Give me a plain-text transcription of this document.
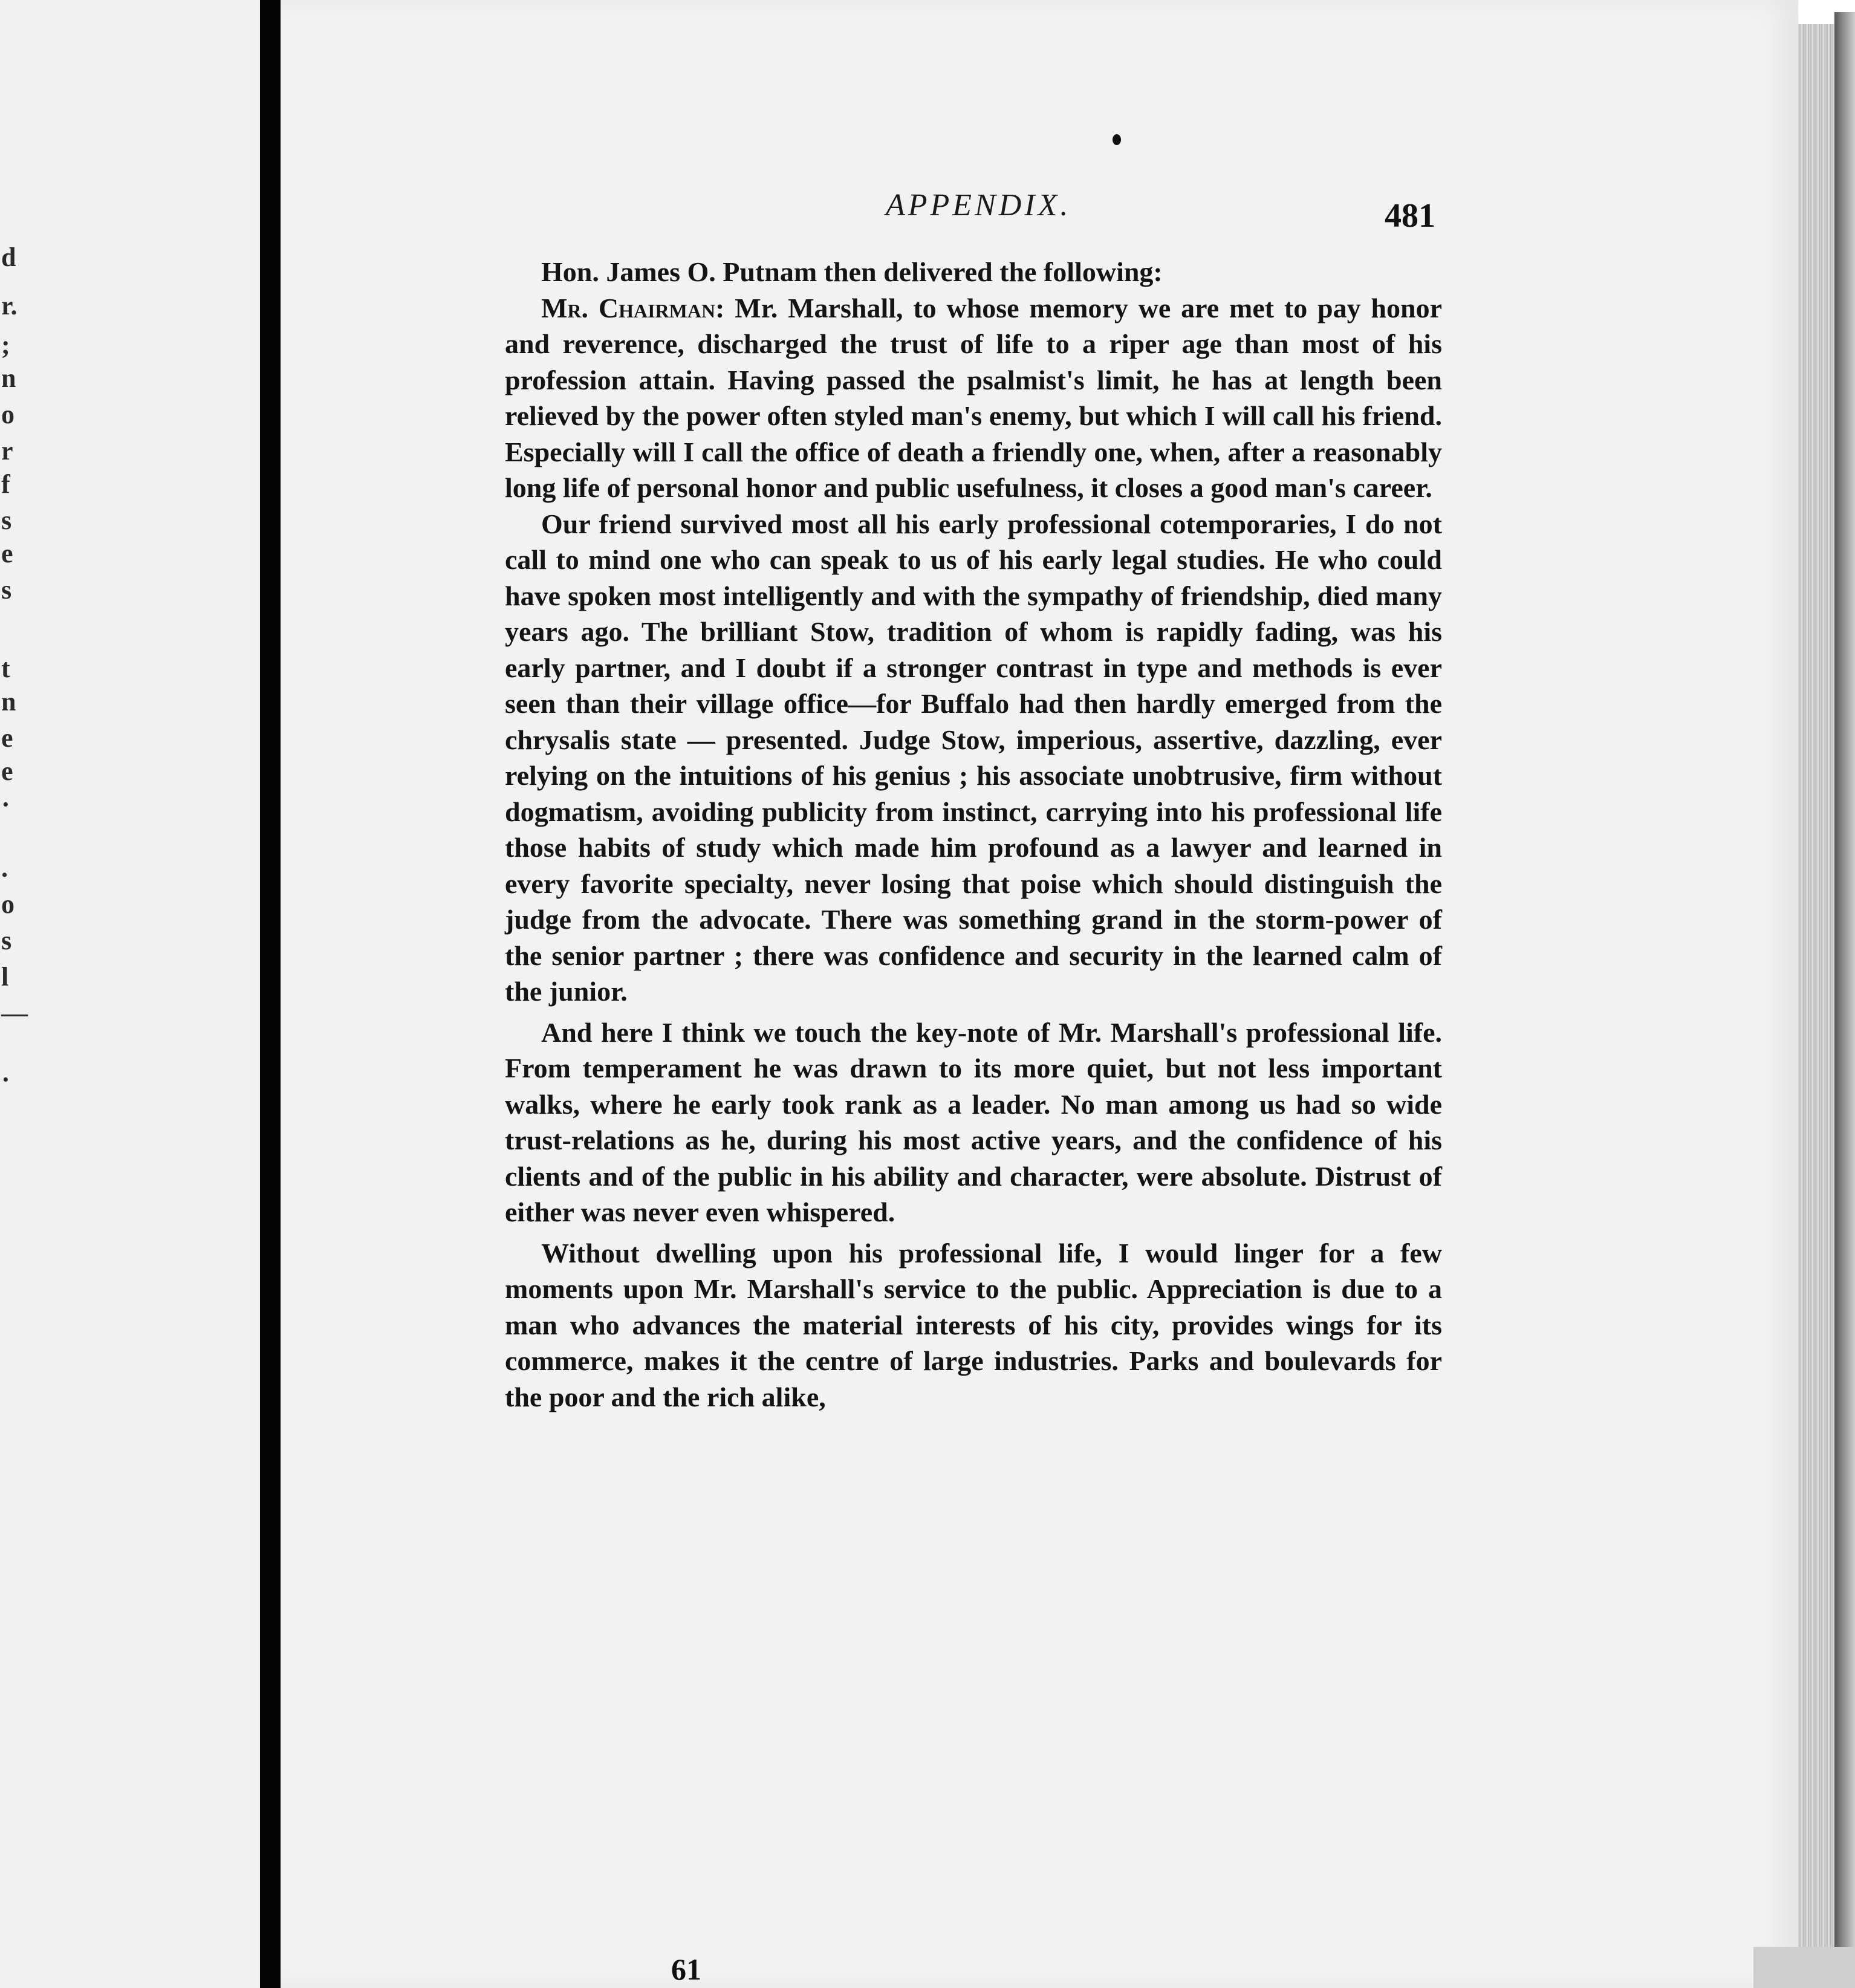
d
r.
;
n
o
r
f
s
e
s
t
n
e
e
·
.
o
s
l
—
·
APPENDIX.	481

Hon. James O. Putnam then delivered the following:

Mr. Chairman: Mr. Marshall, to whose memory we are met to pay honor and reverence, discharged the trust of life to a riper age than most of his profession attain. Having passed the psalmist's limit, he has at length been relieved by the power often styled man's enemy, but which I will call his friend. Especially will I call the office of death a friendly one, when, after a reasonably long life of personal honor and public usefulness, it closes a good man's career.

Our friend survived most all his early professional cotemporaries, I do not call to mind one who can speak to us of his early legal studies. He who could have spoken most intelligently and with the sympathy of friendship, died many years ago. The brilliant Stow, tradition of whom is rapidly fading, was his early partner, and I doubt if a stronger contrast in type and methods is ever seen than their village office—for Buffalo had then hardly emerged from the chrysalis state — presented. Judge Stow, imperious, assertive, dazzling, ever relying on the intuitions of his genius ; his associate unobtrusive, firm without dogmatism, avoiding publicity from instinct, carrying into his professional life those habits of study which made him profound as a lawyer and learned in every favorite specialty, never losing that poise which should distinguish the judge from the advocate. There was something grand in the storm-power of the senior partner ; there was confidence and security in the learned calm of the junior.

And here I think we touch the key-note of Mr. Marshall's professional life. From temperament he was drawn to its more quiet, but not less important walks, where he early took rank as a leader. No man among us had so wide trust-relations as he, during his most active years, and the confidence of his clients and of the public in his ability and character, were absolute. Distrust of either was never even whispered.

Without dwelling upon his professional life, I would linger for a few moments upon Mr. Marshall's service to the public. Appreciation is due to a man who advances the material interests of his city, provides wings for its commerce, makes it the centre of large industries. Parks and boulevards for the poor and the rich alike,

61
